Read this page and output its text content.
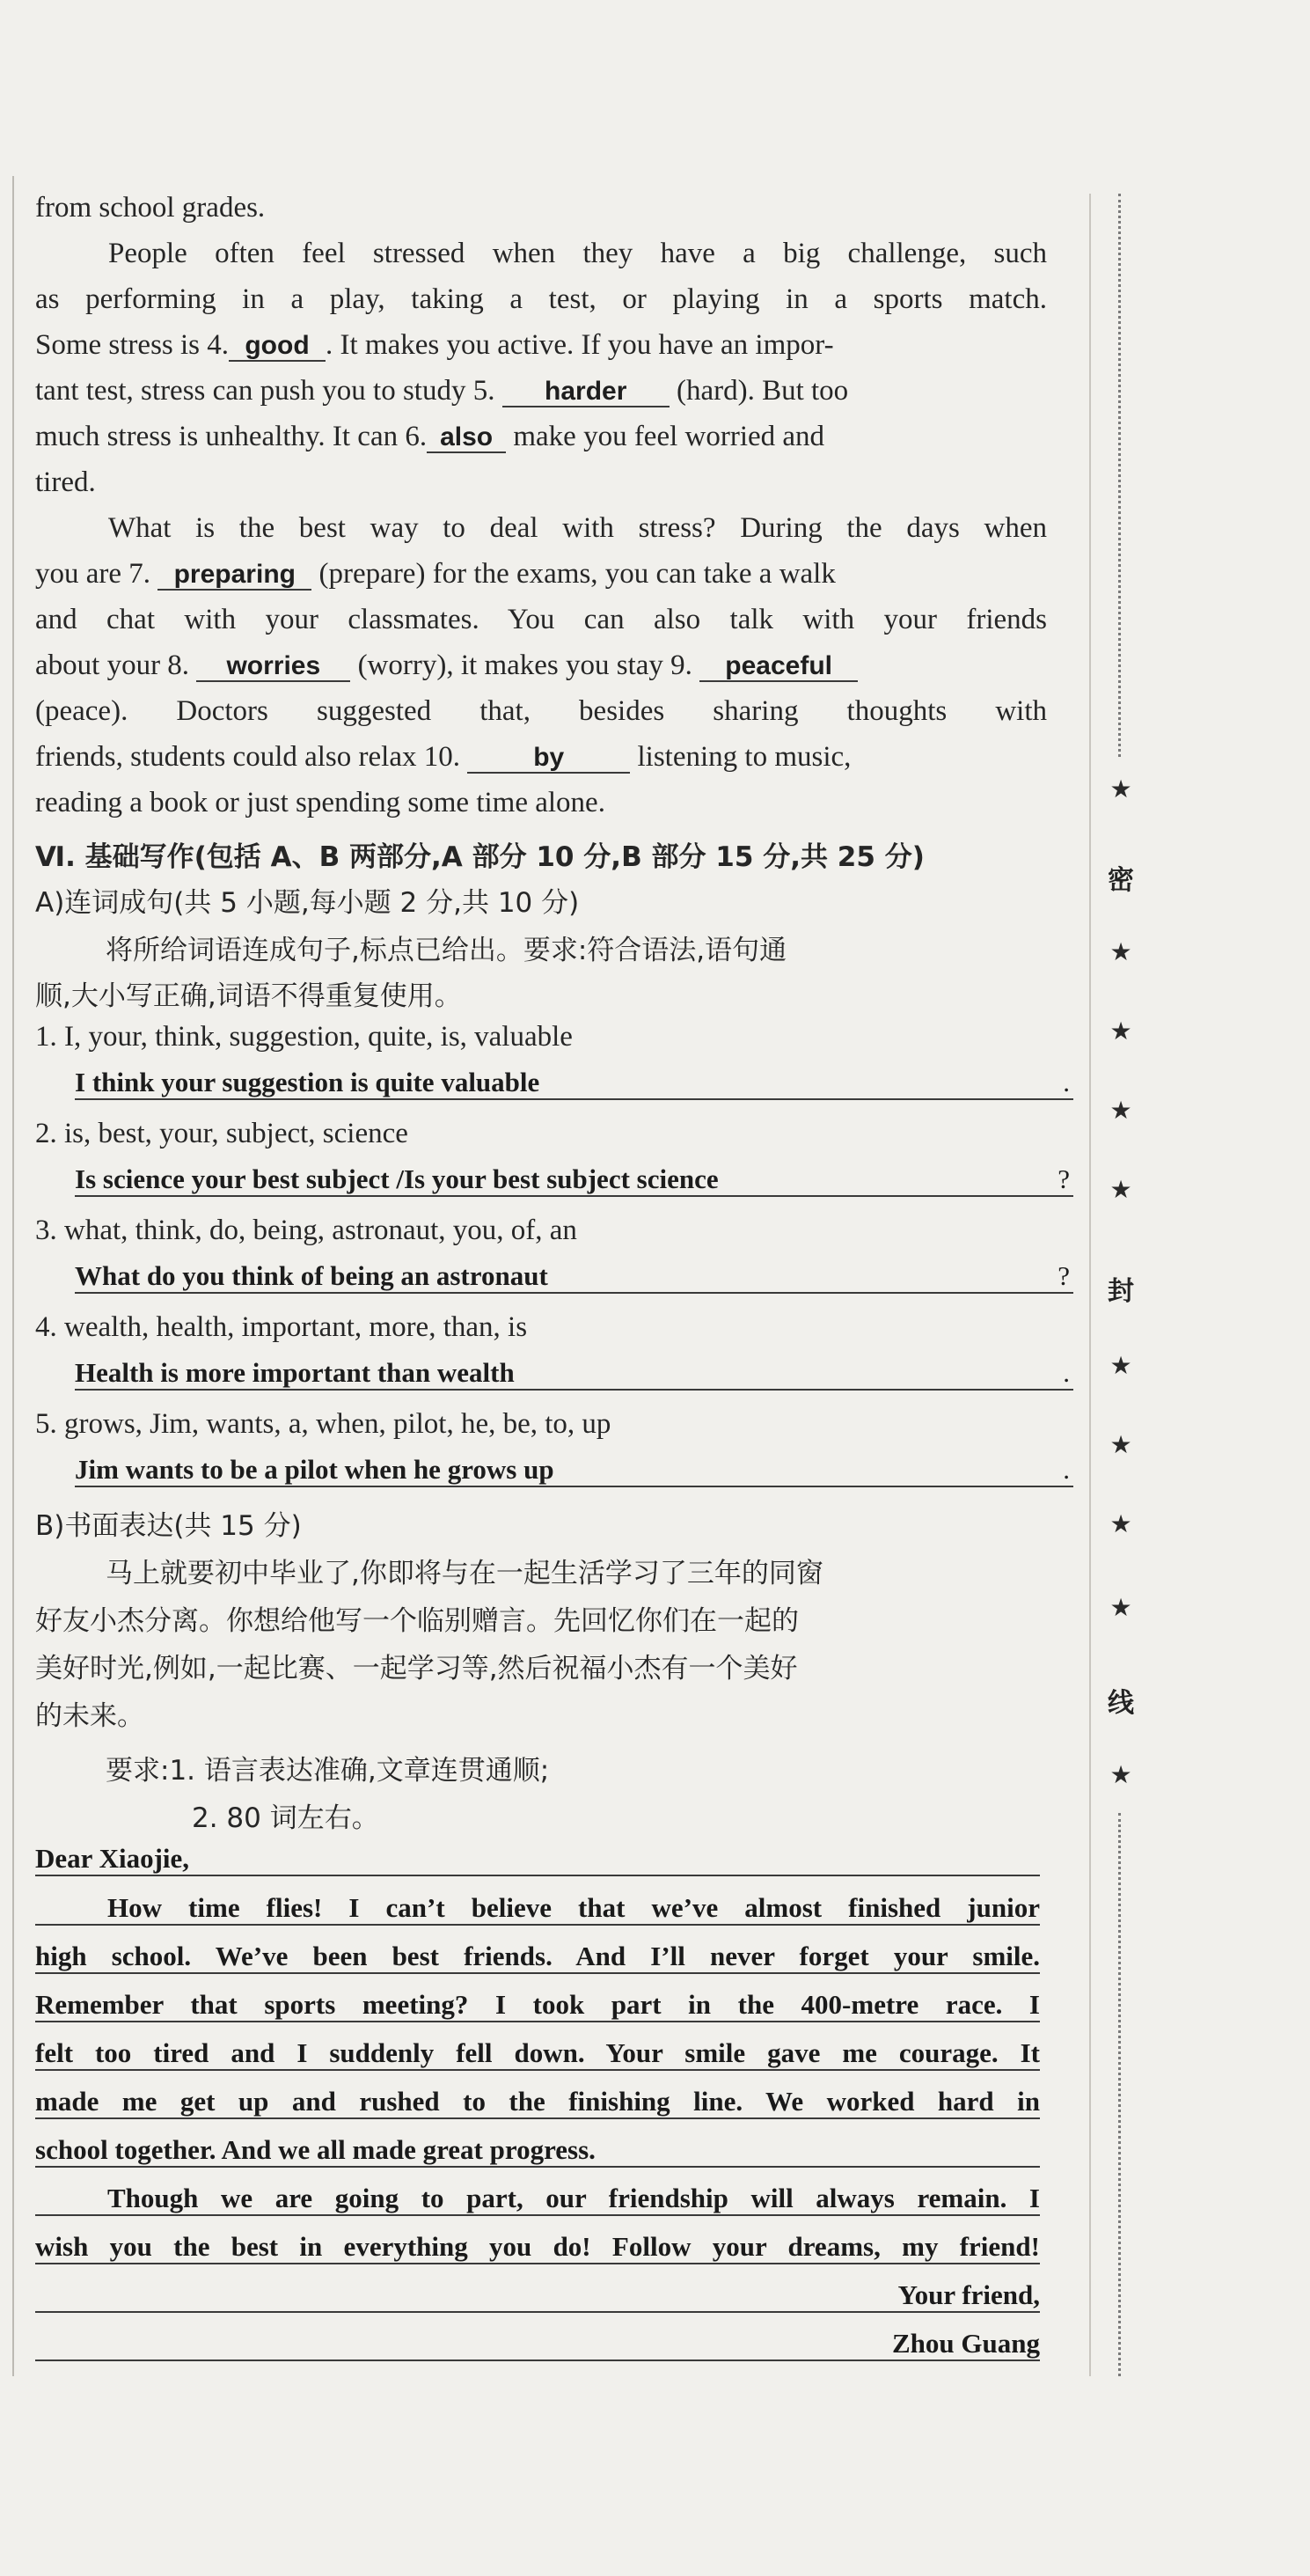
from school grades.
People often feel stressed when they have a big challenge, such
as performing in a play, taking a test, or playing in a sports match.
Some stress is 4. good . It makes you active. If you have an impor-
tant test, stress can push you to study 5. harder (hard). But too
much stress is unhealthy. It can 6. also make you feel worried and
tired.
What is the best way to deal with stress? During the days when
you are 7. preparing (prepare) for the exams, you can take a walk
and chat with your classmates. You can also talk with your friends
about your 8. worries (worry), it makes you stay 9. peaceful
(peace). Doctors suggested that, besides sharing thoughts with
friends, students could also relax 10.	by	listening to music,
reading a book or just spending some time alone.
Ⅵ. 基础写作(包括 A、B 两部分,A 部分 10 分,B 部分 15 分,共 25 分)
A)连词成句(共 5 小题,每小题 2 分,共 10 分)
将所给词语连成句子,标点已给出。要求:符合语法,语句通
顺,大小写正确,词语不得重复使用。
1. I, your, think, suggestion, quite, is, valuable
I think your suggestion is quite valuable	.
2. is, best, your, subject, science
Is science your best subject /Is your best subject science	?
3. what, think, do, being, astronaut, you, of, an
What do you think of being an astronaut	?
4. wealth, health, important, more, than, is
Health is more important than wealth	.
5. grows, Jim, wants, a, when, pilot, he, be, to, up
Jim wants to be a pilot when he grows up	.
B)书面表达(共 15 分)
马上就要初中毕业了,你即将与在一起生活学习了三年的同窗
好友小杰分离。你想给他写一个临别赠言。先回忆你们在一起的
美好时光,例如,一起比赛、一起学习等,然后祝福小杰有一个美好
的未来。
要求:1. 语言表达准确,文章连贯通顺;
2. 80 词左右。
Dear Xiaojie,
How time flies! I can’t believe that we’ve almost finished junior
high school. We’ve been best friends. And I’ll never forget your smile.
Remember that sports meeting? I took part in the 400-metre race. I
felt too tired and I suddenly fell down. Your smile gave me courage. It
made me get up and rushed to the finishing line. We worked hard in
school together. And we all made great progress.
Though we are going to part, our friendship will always remain. I
wish you the best in everything you do! Follow your dreams, my friend!
Your friend,
Zhou Guang
★
密
★
★
★
★
封
★
★
★
★
线
★
